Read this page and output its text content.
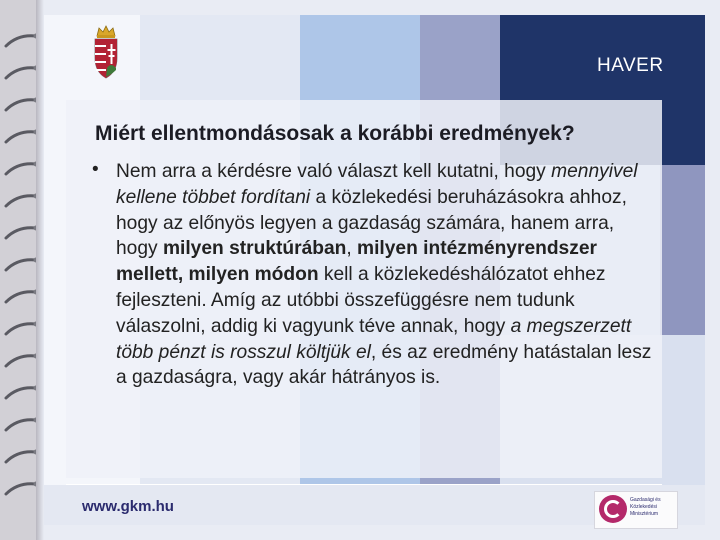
HAVER
Miért ellentmondásosak a korábbi eredmények?
• Nem arra a kérdésre való választ kell kutatni, hogy mennyivel kellene többet fordítani a közlekedési beruházásokra ahhoz, hogy az előnyös legyen a gazdaság számára, hanem arra, hogy milyen struktúrában, milyen intézményrendszer mellett, milyen módon kell a közlekedéshálózatot ehhez fejleszteni. Amíg az utóbbi összefüggésre nem tudunk válaszolni, addig ki vagyunk téve annak, hogy a megszerzett több pénzt is rosszul költjük el, és az eredmény hatástalan lesz a gazdaságra, vagy akár hátrányos is.

www.gkm.hu	Gazdasági és
Közlekedési
Minisztérium
